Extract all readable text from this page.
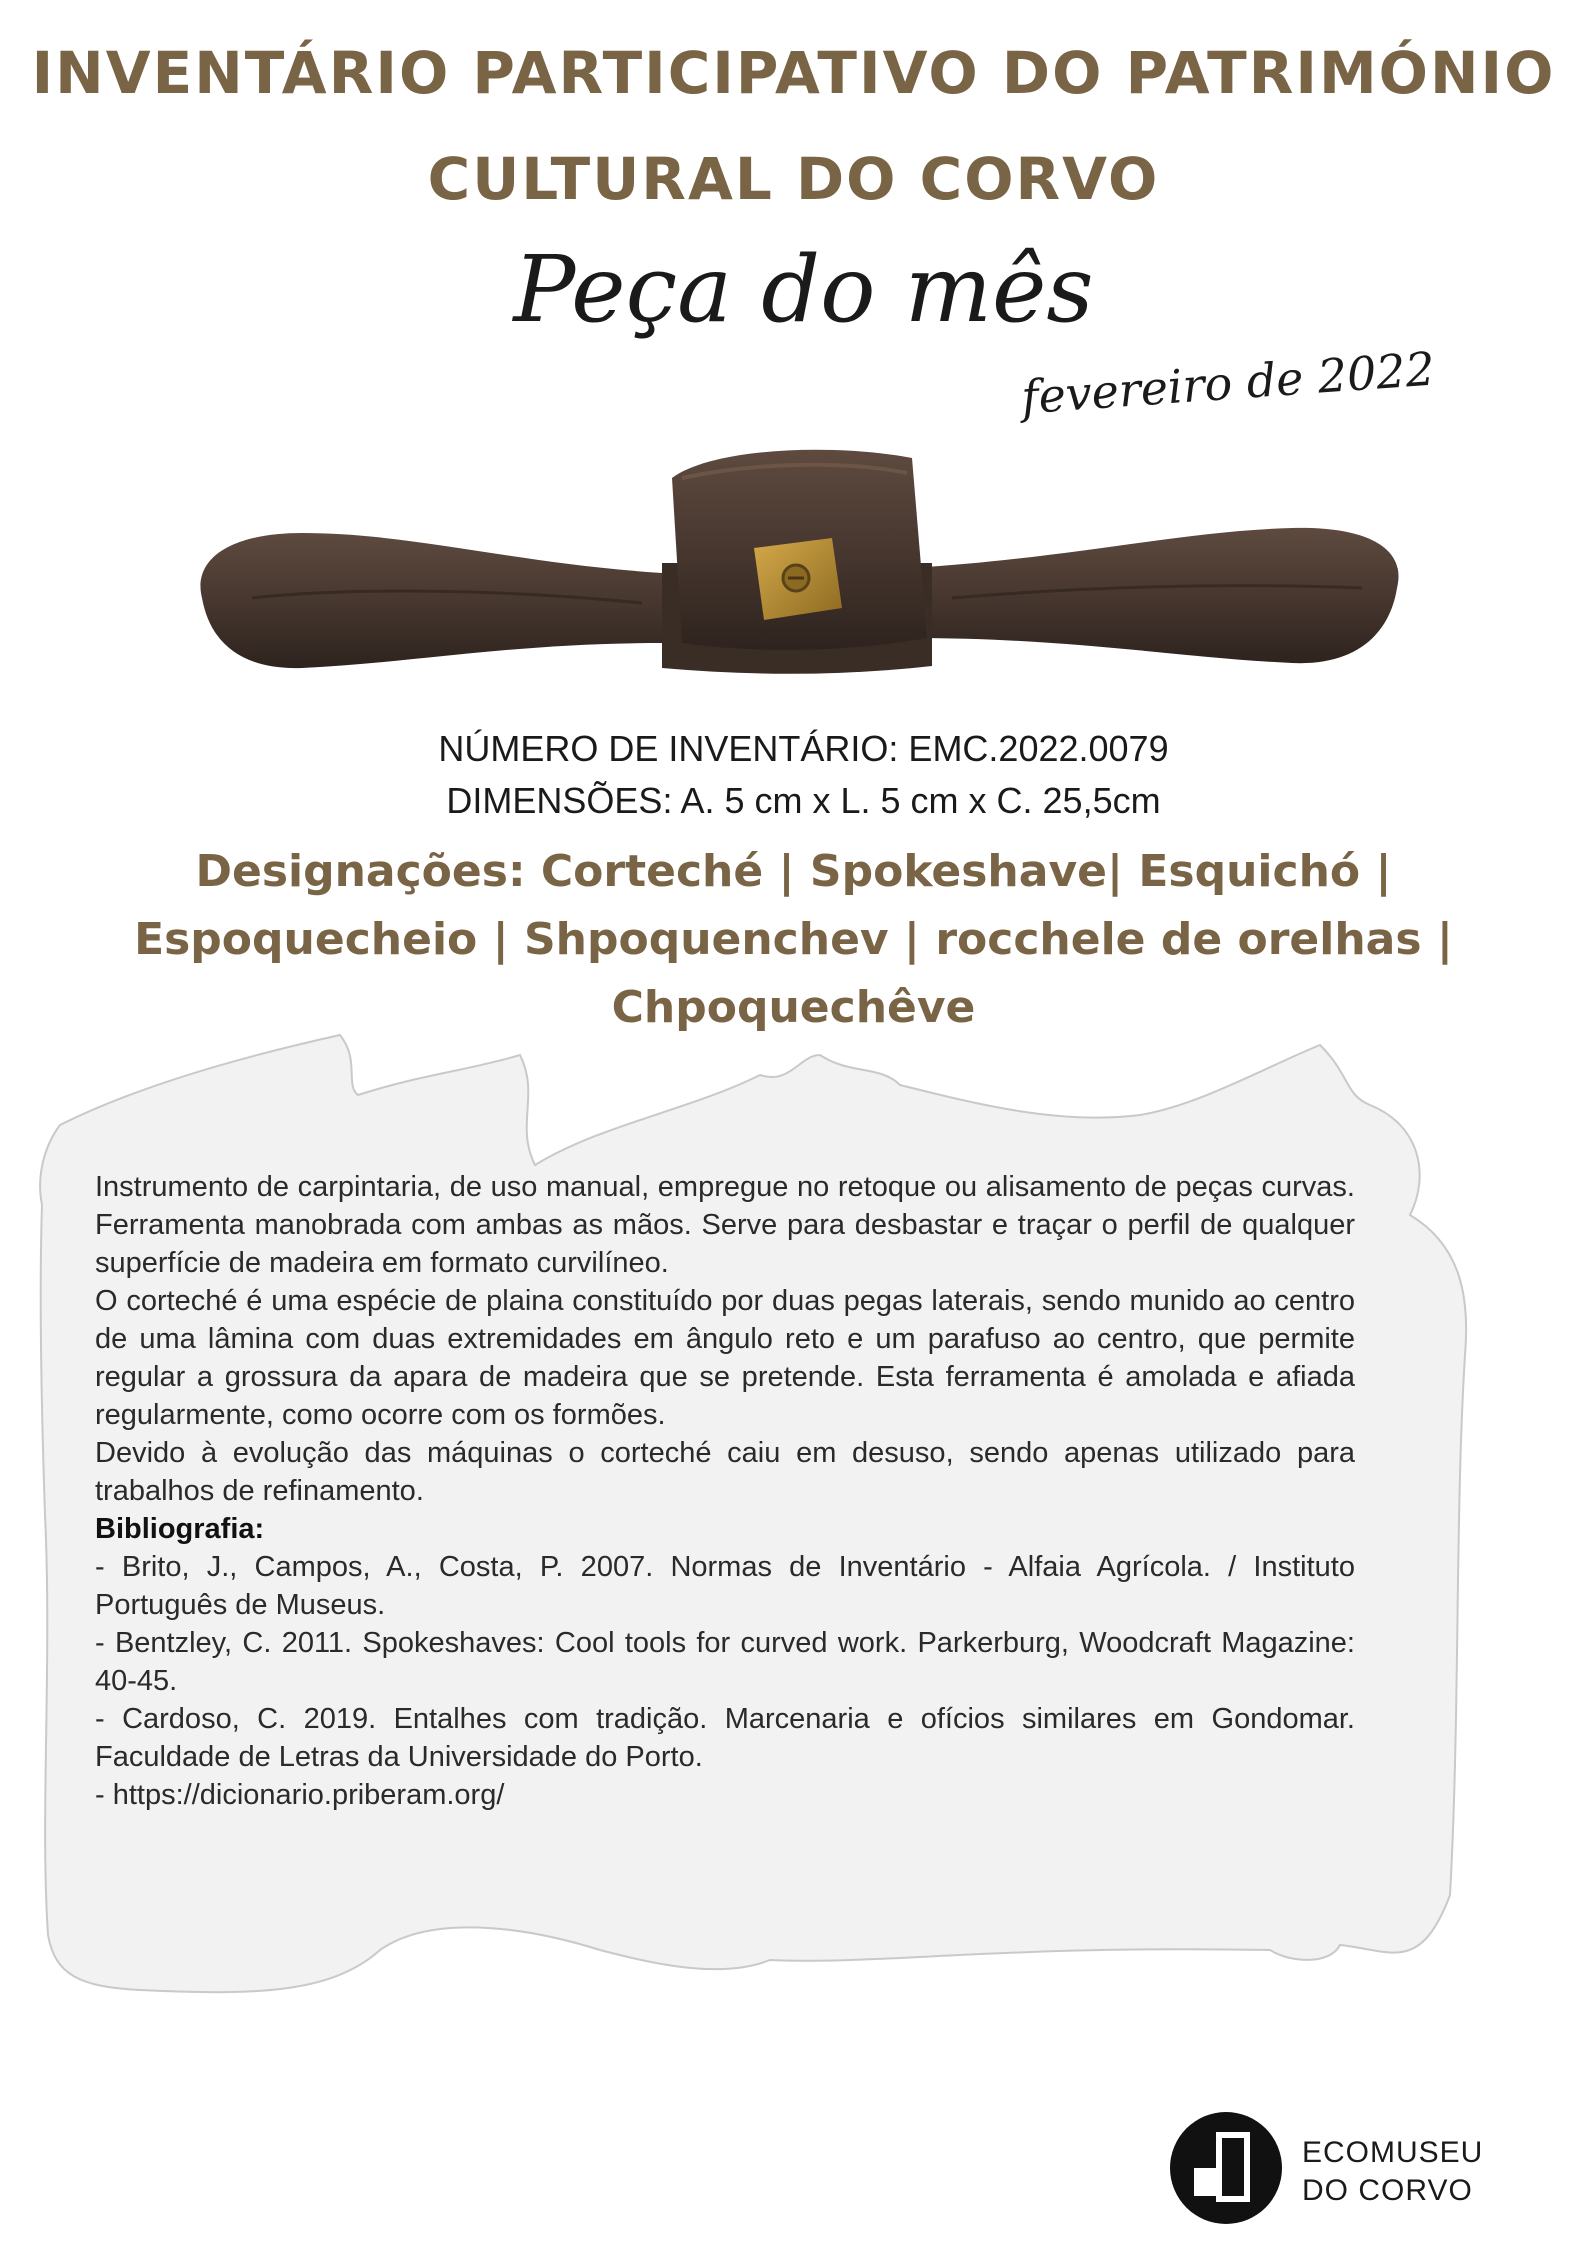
INVENTÁRIO PARTICIPATIVO DO PATRIMÓNIO
CULTURAL DO CORVO
Peça do mês
fevereiro de 2022
NÚMERO DE INVENTÁRIO: EMC.2022.0079
DIMENSÕES: A. 5 cm x L. 5 cm x C. 25,5cm
Designações: Corteché | Spokeshave| Esquichó |
Espoquecheio | Shpoquenchev | rocchele de orelhas |
Chpoquechêve

Instrumento de carpintaria, de uso manual, empregue no retoque ou alisamento de peças curvas. Ferramenta manobrada com ambas as mãos. Serve para desbastar e traçar o perfil de qualquer superfície de madeira em formato curvilíneo.

O corteché é uma espécie de plaina constituído por duas pegas laterais, sendo munido ao centro de uma lâmina com duas extremidades em ângulo reto e um parafuso ao centro, que permite regular a grossura da apara de madeira que se pretende. Esta ferramenta é amolada e afiada regularmente, como ocorre com os formões.

Devido à evolução das máquinas o corteché caiu em desuso, sendo apenas utilizado para trabalhos de refinamento.

Bibliografia:

- Brito, J., Campos, A., Costa, P. 2007. Normas de Inventário - Alfaia Agrícola. / Instituto Português de Museus.

- Bentzley, C. 2011. Spokeshaves: Cool tools for curved work. Parkerburg, Woodcraft Magazine: 40-45.

- Cardoso, C. 2019. Entalhes com tradição. Marcenaria e ofícios similares em Gondomar. Faculdade de Letras da Universidade do Porto.

- https://dicionario.priberam.org/

ECOMUSEU
DO CORVO
